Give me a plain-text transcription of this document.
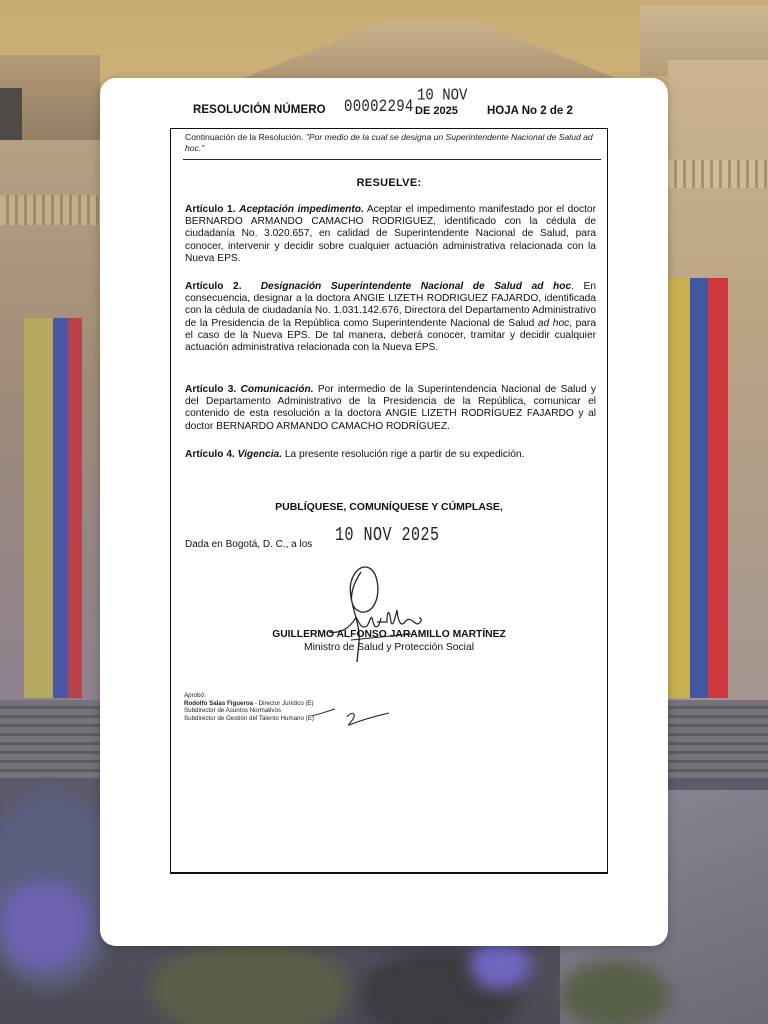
RESOLUCIÓN NÚMERO 00002294
10 NOV
DE 2025	HOJA No 2 de 2
Continuación de la Resolución. "Por medio de la cual se designa un Superintendente Nacional de Salud ad hoc."
RESUELVE:
Artículo 1. Aceptación impedimento. Aceptar el impedimento manifestado por el doctor BERNARDO ARMANDO CAMACHO RODRIGUEZ, identificado con la cédula de ciudadanía No. 3.020.657, en calidad de Superintendente Nacional de Salud, para conocer, intervenir y decidir sobre cualquier actuación administrativa relacionada con la Nueva EPS.
Artículo 2. Designación Superintendente Nacional de Salud ad hoc. En consecuencia, designar a la doctora ANGIE LIZETH RODRIGUEZ FAJARDO, identificada con la cédula de ciudadanía No. 1.031.142.676, Directora del Departamento Administrativo de la Presidencia de la República como Superintendente Nacional de Salud ad hoc, para el caso de la Nueva EPS. De tal manera, deberá conocer, tramitar y decidir cualquier actuación administrativa relacionada con la Nueva EPS.
Artículo 3. Comunicación. Por intermedio de la Superintendencia Nacional de Salud y del Departamento Administrativo de la Presidencia de la República, comunicar el contenido de esta resolución a la doctora ANGIE LIZETH RODRÍGUEZ FAJARDO y al doctor BERNARDO ARMANDO CAMACHO RODRÍGUEZ.
Artículo 4. Vigencia. La presente resolución rige a partir de su expedición.
PUBLÍQUESE, COMUNÍQUESE Y CÚMPLASE,
Dada en Bogotá, D. C., a los 10 NOV 2025
GUILLERMO ALFONSO JARAMILLO MARTÍNEZ
Ministro de Salud y Protección Social
Aprobó:
Rodolfo Salas Figueroa - Director Jurídico (E)
Subdirector de Asuntos Normativos
Subdirector de Gestión del Talento Humano (E)
